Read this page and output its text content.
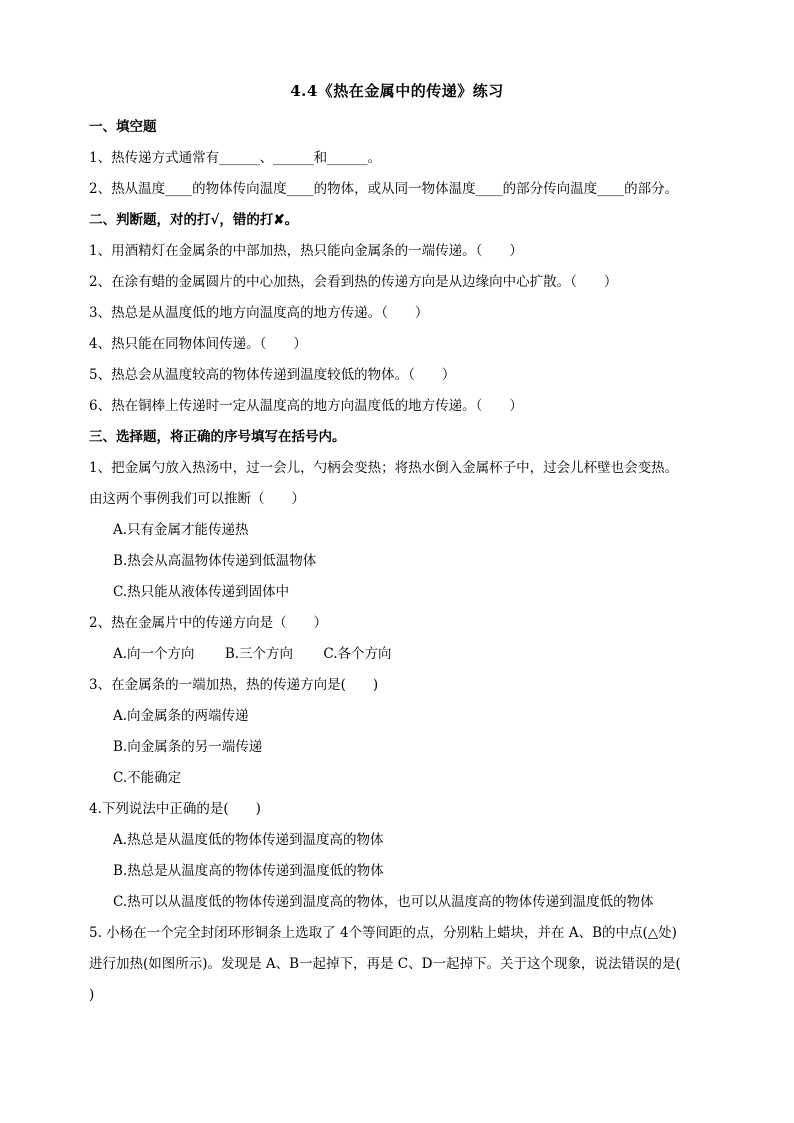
4.4《热在金属中的传递》练习
一、填空题
1、热传递方式通常有______、______和______。
2、热从温度____的物体传向温度____的物体，或从同一物体温度____的部分传向温度____的部分。
二、判断题，对的打√，错的打✘。
1、用酒精灯在金属条的中部加热，热只能向金属条的一端传递。（　　）
2、在涂有蜡的金属圆片的中心加热，会看到热的传递方向是从边缘向中心扩散。（　　）
3、热总是从温度低的地方向温度高的地方传递。（　　）
4、热只能在同物体间传递。（　　）
5、热总会从温度较高的物体传递到温度较低的物体。（　　）
6、热在铜棒上传递时一定从温度高的地方向温度低的地方传递。（　　）
三、选择题，将正确的序号填写在括号内。
1、把金属勺放入热汤中，过一会儿，勺柄会变热；将热水倒入金属杯子中，过会儿杯壁也会变热。
由这两个事例我们可以推断（　　）
A.只有金属才能传递热
B.热会从高温物体传递到低温物体
C.热只能从液体传递到固体中
2、热在金属片中的传递方向是（　　）
A.向一个方向 B.三个方向 C.各个方向
3、在金属条的一端加热，热的传递方向是(　　)
A.向金属条的两端传递
B.向金属条的另一端传递
C.不能确定
4.下列说法中正确的是(　　)
A.热总是从温度低的物体传递到温度高的物体
B.热总是从温度高的物体传递到温度低的物体
C.热可以从温度低的物体传递到温度高的物体，也可以从温度高的物体传递到温度低的物体
5. 小杨在一个完全封闭环形铜条上选取了 4个等间距的点，分别粘上蜡块，并在 A、B的中点(△处)
进行加热(如图所示)。发现是 A、B一起掉下，再是 C、D一起掉下。关于这个现象，说法错误的是(
)
